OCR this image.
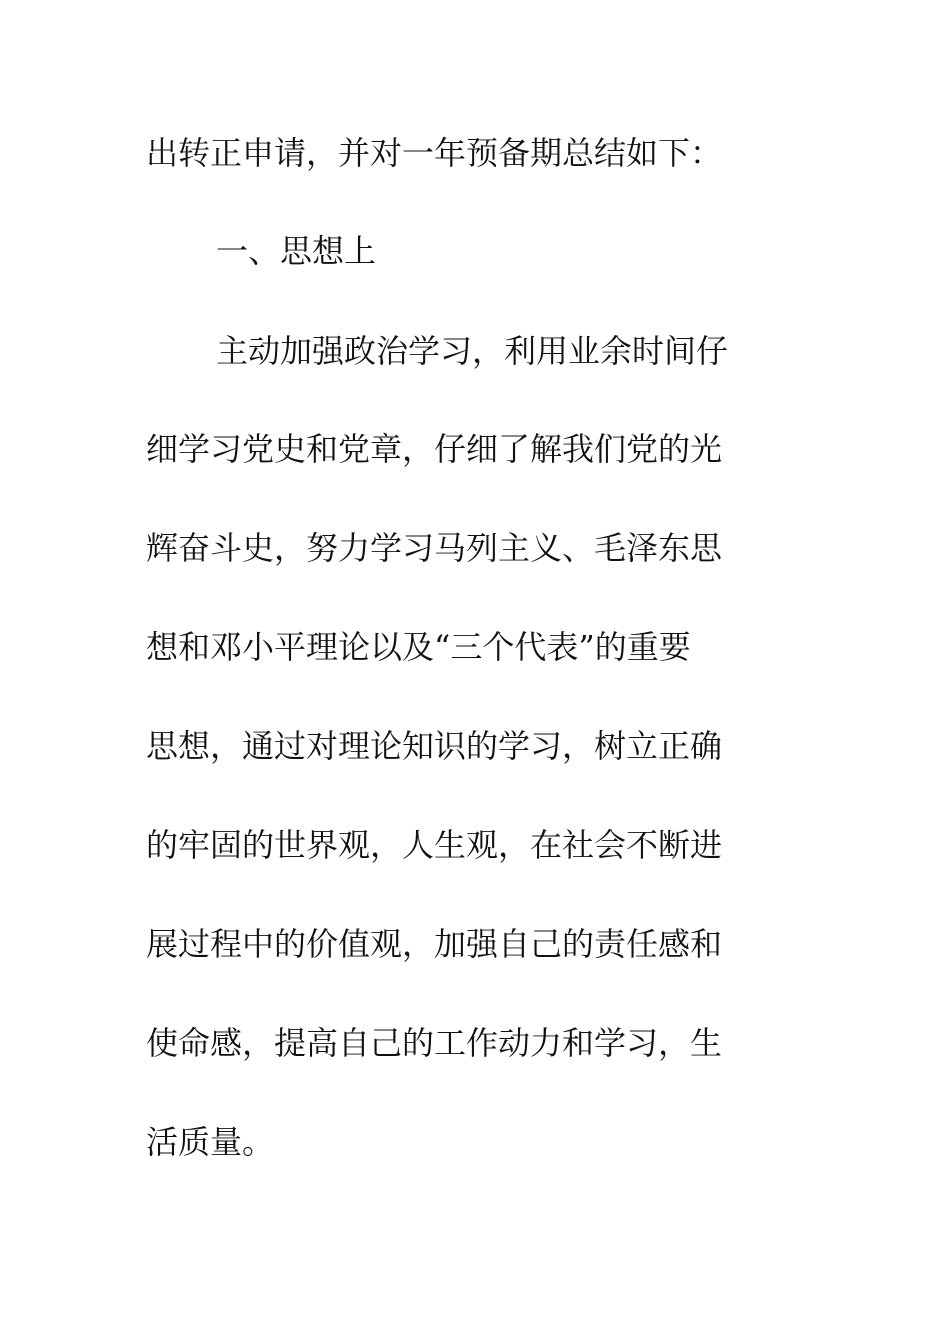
出转正申请，并对一年预备期总结如下：
一、思想上
主动加强政治学习，利用业余时间仔
细学习党史和党章，仔细了解我们党的光
辉奋斗史，努力学习马列主义、毛泽东思
想和邓小平理论以及“三个代表”的重要
思想，通过对理论知识的学习，树立正确
的牢固的世界观，人生观，在社会不断进
展过程中的价值观，加强自己的责任感和
使命感，提高自己的工作动力和学习，生
活质量。
